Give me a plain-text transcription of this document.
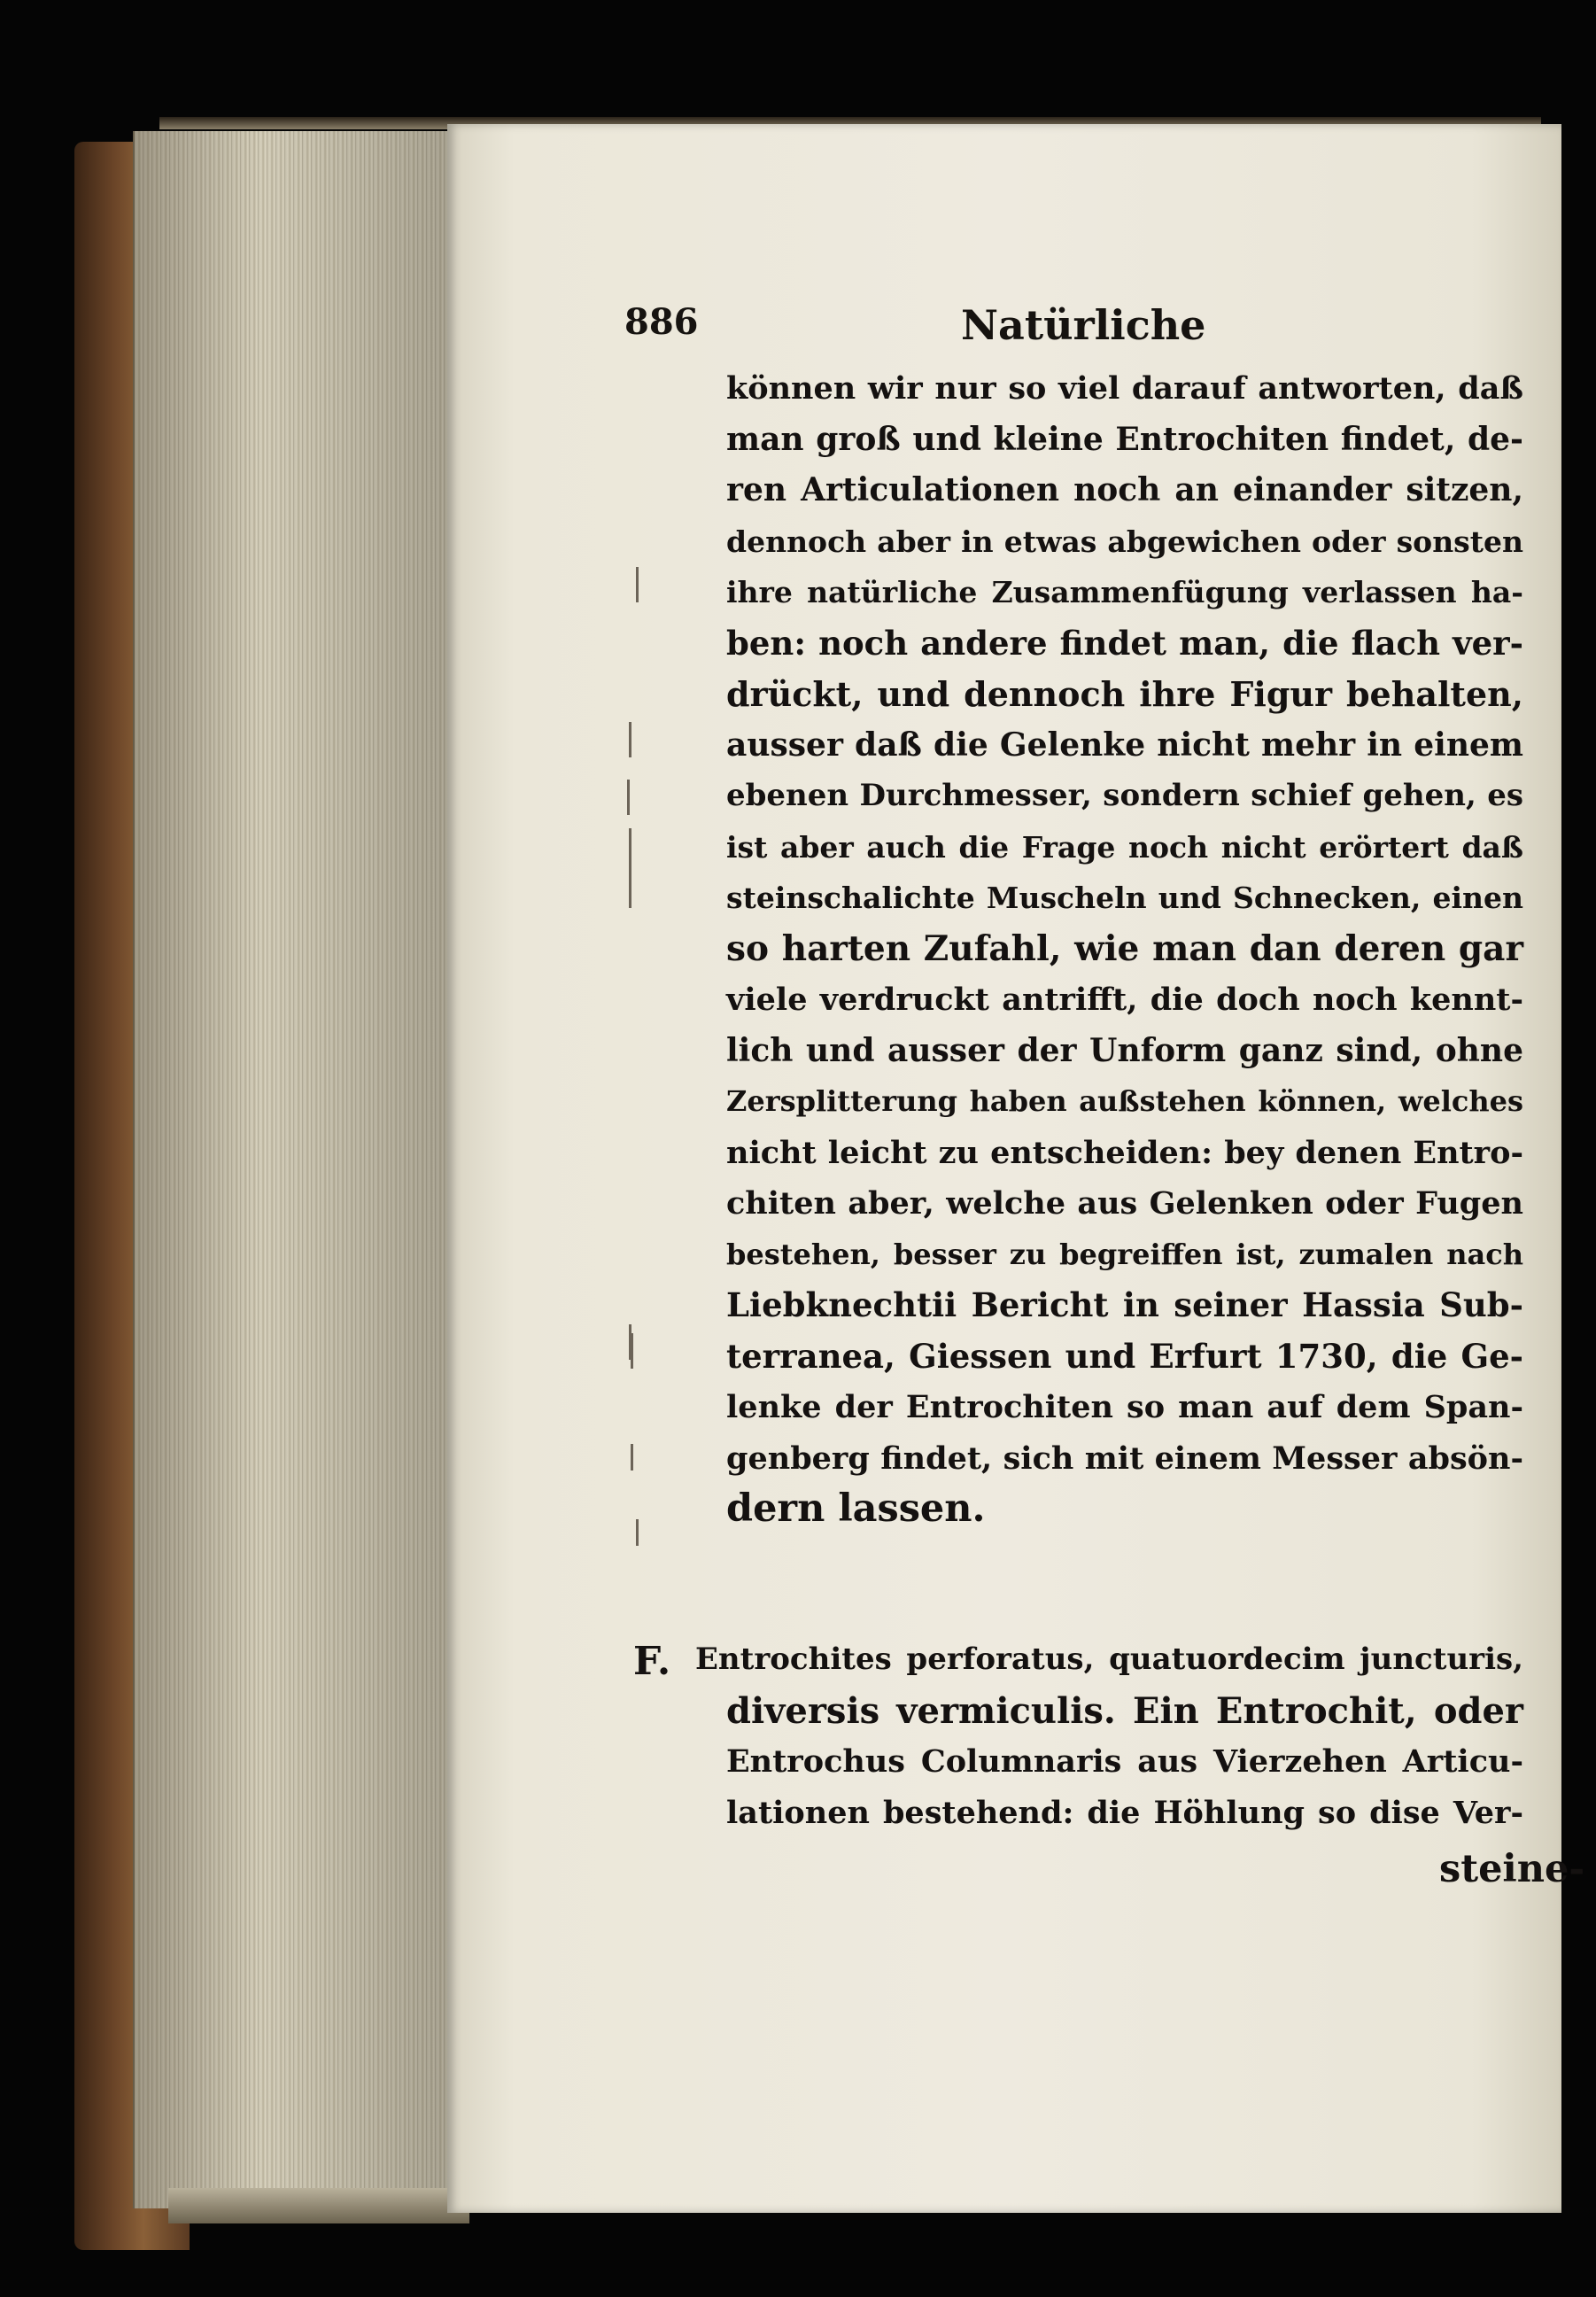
886	Natürliche
können wir nur so viel darauf antworten, daß
man groß und kleine Entrochiten findet, de-
ren Articulationen noch an einander sitzen,
dennoch aber in etwas abgewichen oder sonsten
ihre natürliche Zusammenfügung verlassen ha-
ben: noch andere findet man, die flach ver-
drückt, und dennoch ihre Figur behalten,
ausser daß die Gelenke nicht mehr in einem
ebenen Durchmesser, sondern schief gehen, es
ist aber auch die Frage noch nicht erörtert daß
steinschalichte Muscheln und Schnecken, einen
so harten Zufahl, wie man dan deren gar
viele verdruckt antrifft, die doch noch kennt-
lich und ausser der Unform ganz sind, ohne
Zersplitterung haben außstehen können, welches
nicht leicht zu entscheiden: bey denen Entro-
chiten aber, welche aus Gelenken oder Fugen
bestehen, besser zu begreiffen ist, zumalen nach
Liebknechtii Bericht in seiner Hassia Sub-
terranea, Giessen und Erfurt 1730, die Ge-
lenke der Entrochiten so man auf dem Span-
genberg findet, sich mit einem Messer absön-
dern lassen.
F. Entrochites perforatus, quatuordecim juncturis,
diversis vermiculis. Ein Entrochit, oder
Entrochus Columnaris aus Vierzehen Articu-
lationen bestehend: die Höhlung so dise Ver-
steine-
